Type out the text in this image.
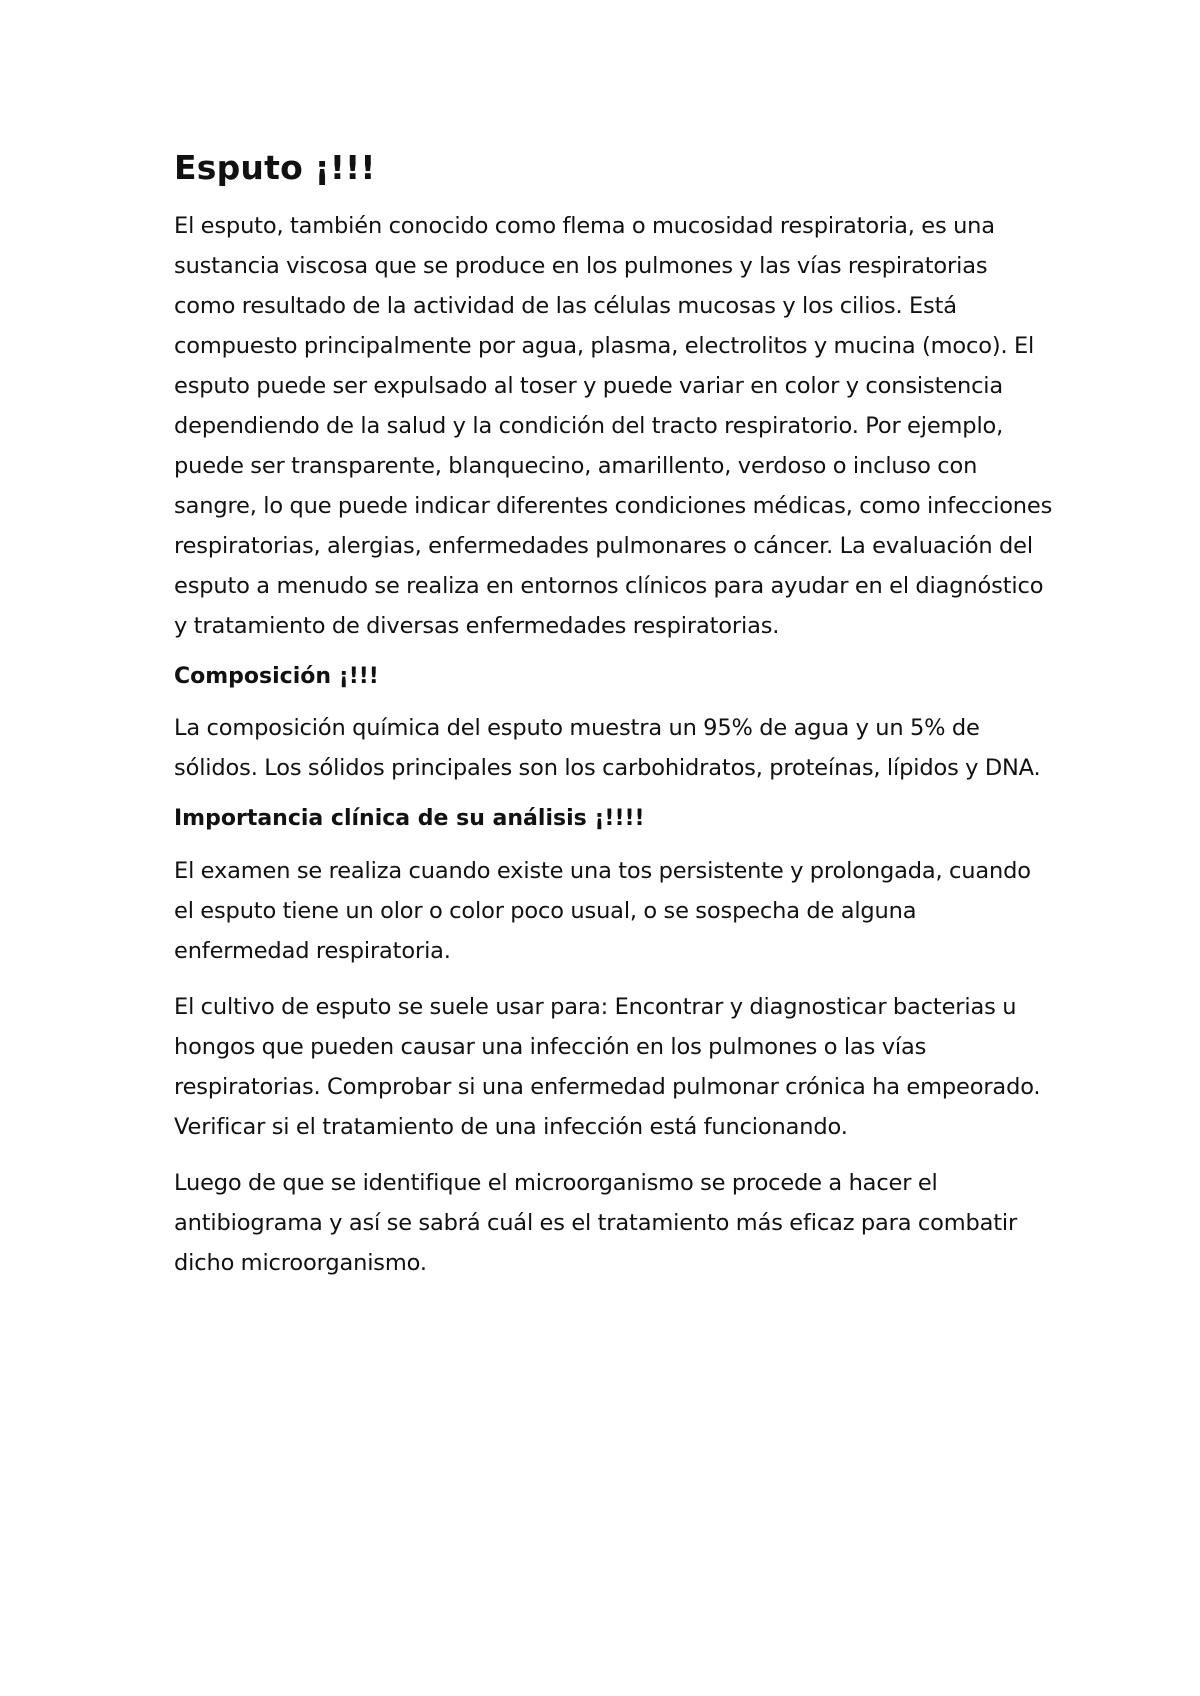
Esputo ¡!!!

El esputo, también conocido como flema o mucosidad respiratoria, es una sustancia viscosa que se produce en los pulmones y las vías respiratorias como resultado de la actividad de las células mucosas y los cilios. Está compuesto principalmente por agua, plasma, electrolitos y mucina (moco). El esputo puede ser expulsado al toser y puede variar en color y consistencia dependiendo de la salud y la condición del tracto respiratorio. Por ejemplo, puede ser transparente, blanquecino, amarillento, verdoso o incluso con sangre, lo que puede indicar diferentes condiciones médicas, como infecciones respiratorias, alergias, enfermedades pulmonares o cáncer. La evaluación del esputo a menudo se realiza en entornos clínicos para ayudar en el diagnóstico y tratamiento de diversas enfermedades respiratorias.

Composición ¡!!!

La composición química del esputo muestra un 95% de agua y un 5% de sólidos. Los sólidos principales son los carbohidratos, proteínas, lípidos y DNA.

Importancia clínica de su análisis ¡!!!!

El examen se realiza cuando existe una tos persistente y prolongada, cuando el esputo tiene un olor o color poco usual, o se sospecha de alguna enfermedad respiratoria.

El cultivo de esputo se suele usar para: Encontrar y diagnosticar bacterias u hongos que pueden causar una infección en los pulmones o las vías respiratorias. Comprobar si una enfermedad pulmonar crónica ha empeorado. Verificar si el tratamiento de una infección está funcionando.

Luego de que se identifique el microorganismo se procede a hacer el antibiograma y así se sabrá cuál es el tratamiento más eficaz para combatir dicho microorganismo.
